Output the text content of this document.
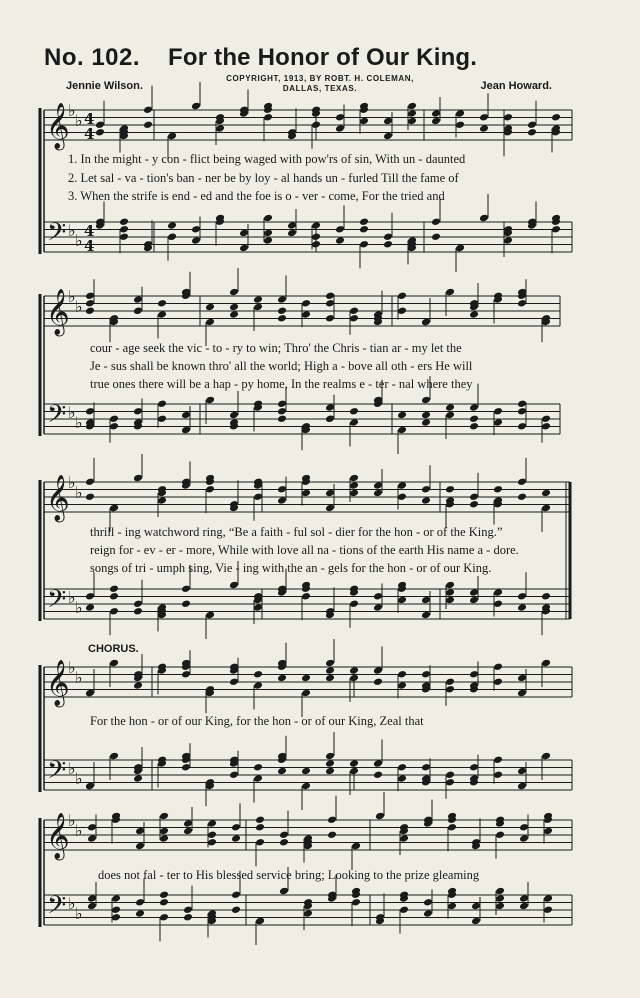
No. 102. For the Honor of Our King.
COPYRIGHT, 1913, BY ROBT. H. COLEMAN,
DALLAS, TEXAS.
Jennie Wilson.	Jean Howard.
𝄞
𝄢
♭
♭
♭
♭
4
4
4
4
𝄞
𝄢
♭
♭
♭
♭
𝄞
𝄢
♭
♭
♭
♭
𝄞
𝄢
♭
♭
♭
♭
𝄞
𝄢
♭
♭
♭
♭
1. In the might - y con - flict being waged with pow'rs of sin, With un - daunted
2. Let sal - va - tion's ban - ner be by loy - al hands un - furled Till the fame of
3. When the strife is end - ed and the foe is o - ver - come, For the tried and
cour - age seek the vic - to - ry to win; Thro' the Chris - tian ar - my let the
Je - sus shall be known thro' all the world; High a - bove all oth - ers He will
true ones there will be a hap - py home, In the realms e - ter - nal where they
thrill - ing watchword ring, “Be a faith - ful sol - dier for the hon - or of the King.”
reign for - ev - er - more, While with love all na - tions of the earth His name a - dore.
songs of tri - umph sing, Vie - ing with the an - gels for the hon - or of our King.
CHORUS.
For the hon - or of our King, for the hon - or of our King, Zeal that
does not fal - ter to His blessed service bring; Looking to the prize gleaming
